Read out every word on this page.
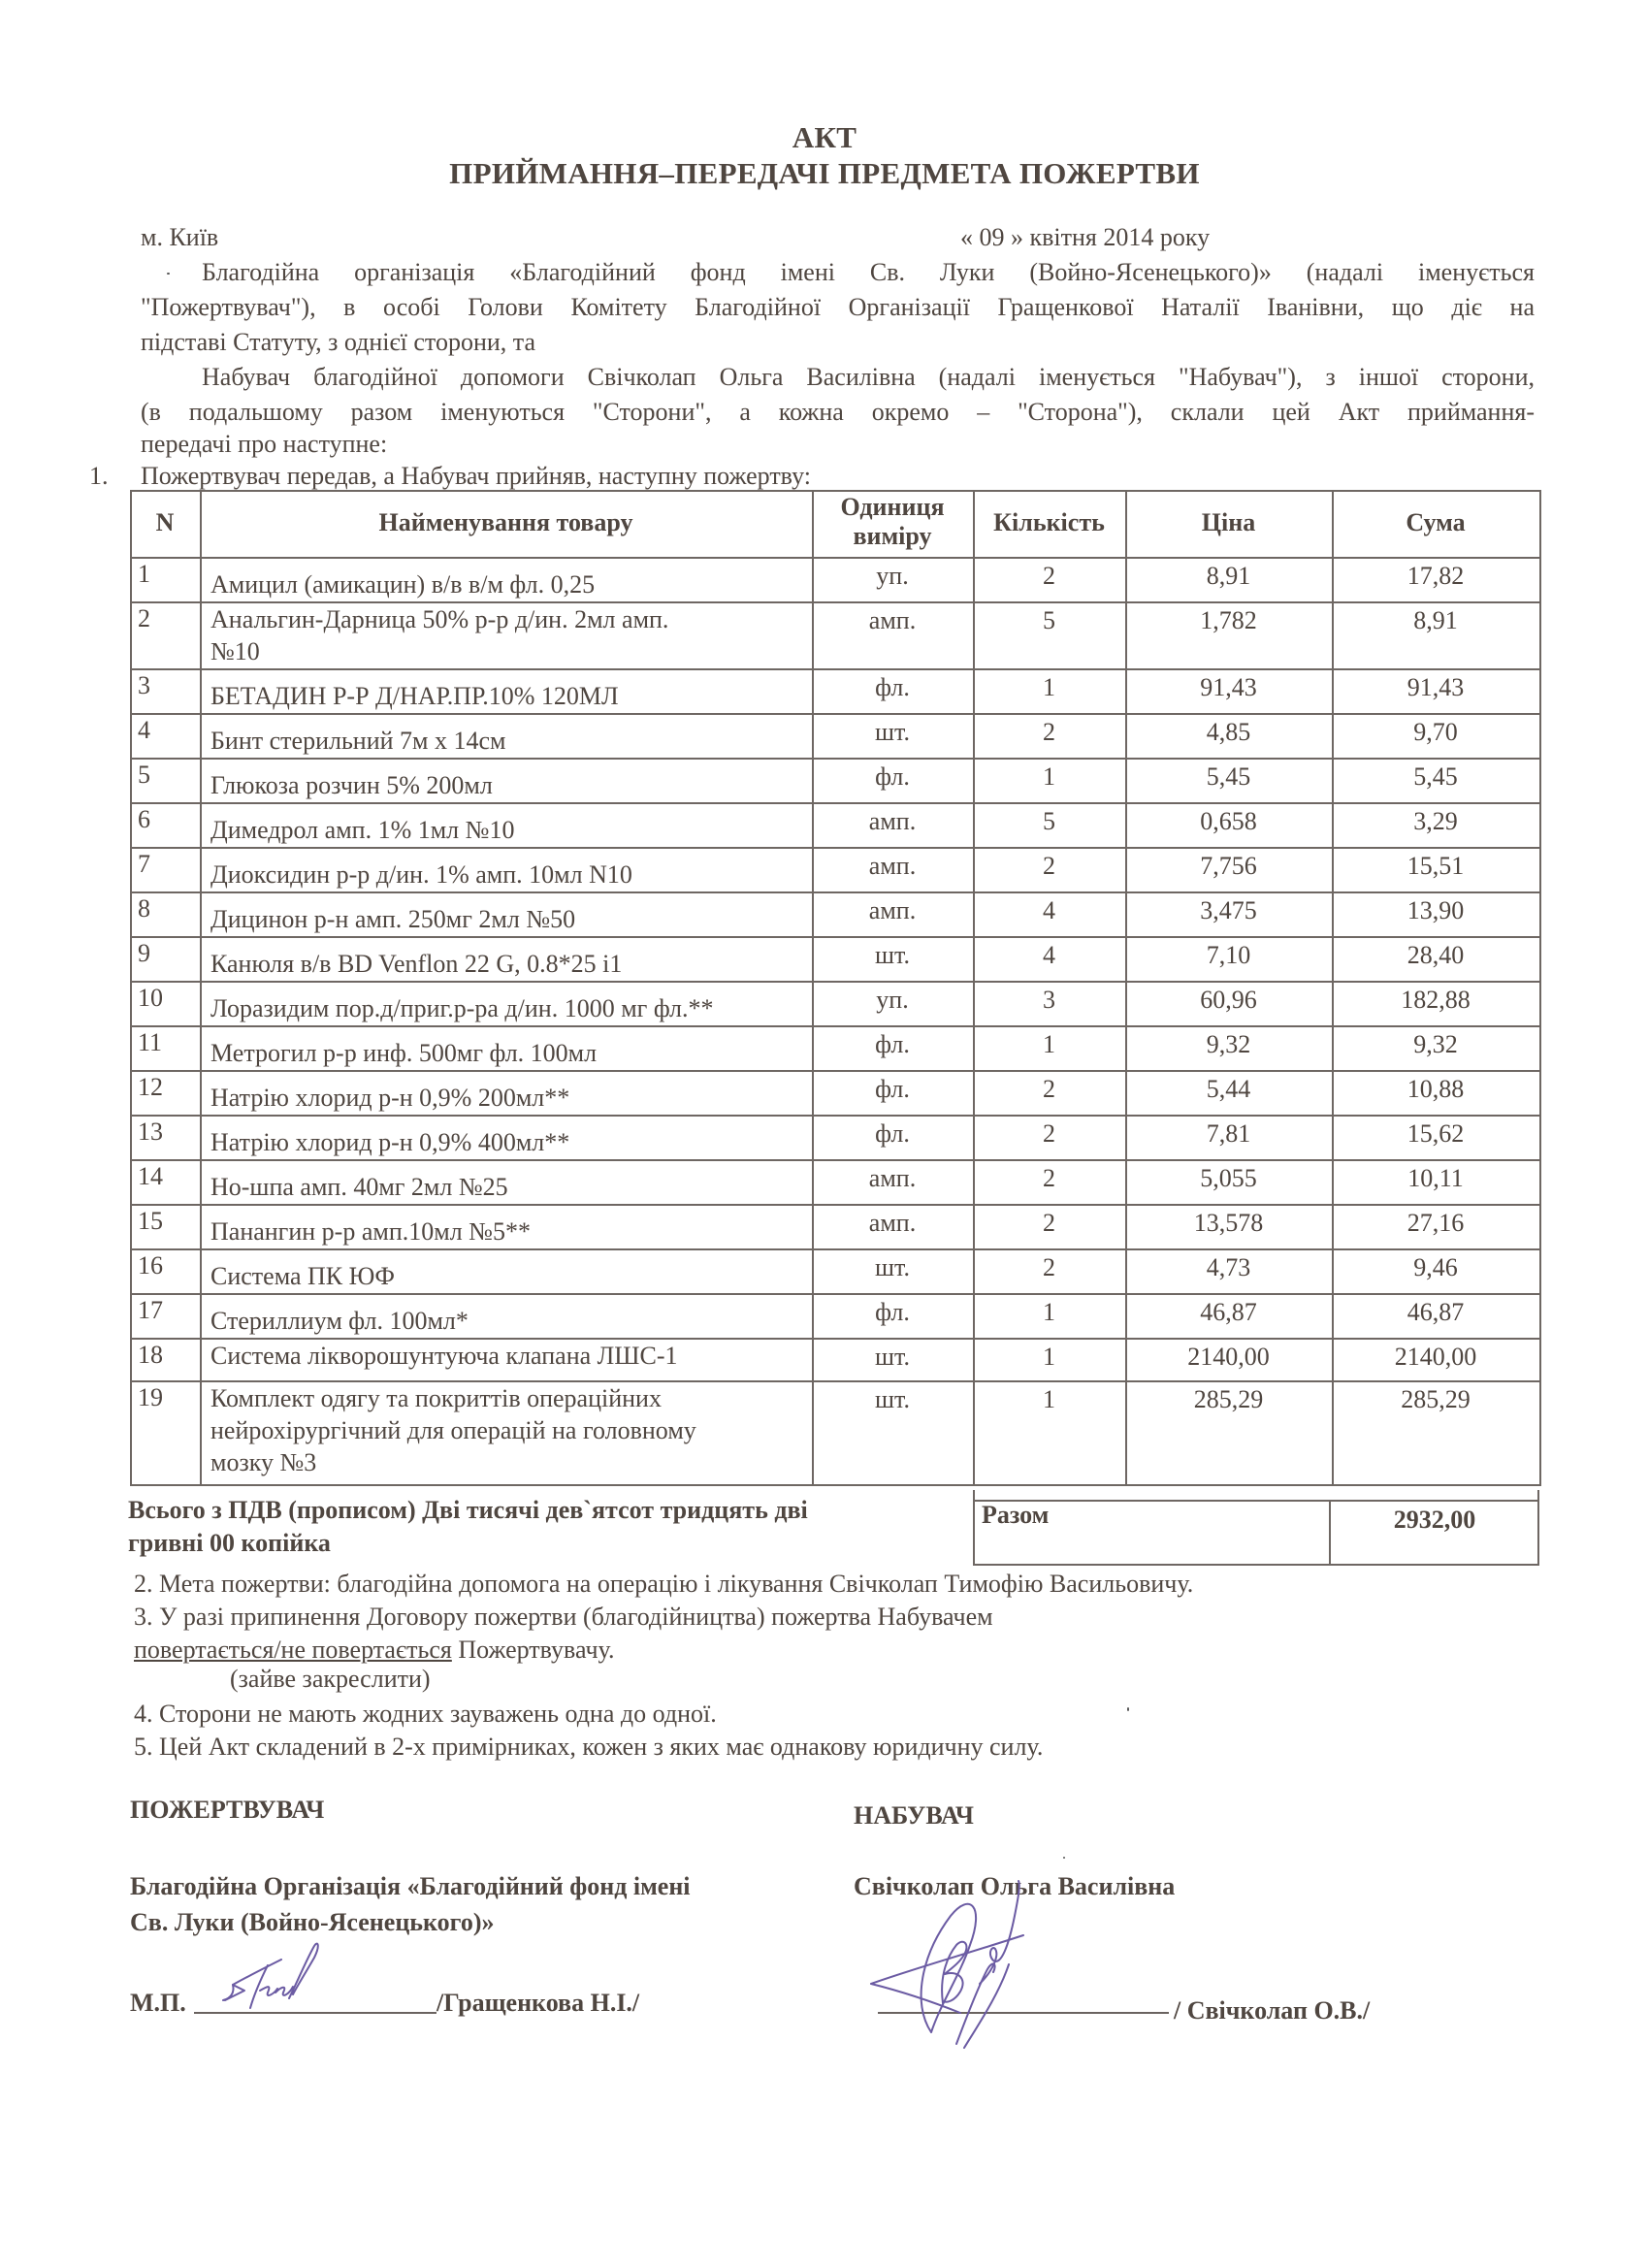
АКТ
ПРИЙМАННЯ–ПЕРЕДАЧІ ПРЕДМЕТА ПОЖЕРТВИ
м. Київ	« 09 » квітня 2014 року
Благодійна організація «Благодійний фонд імені Св. Луки (Войно-Ясенецького)» (надалі іменується
"Пожертвувач"), в особі Голови Комітету Благодійної Організації Гращенкової Наталії Іванівни, що діє на
підставі Статуту, з однієї сторони, та
Набувач благодійної допомоги Свічколап Ольга Василівна (надалі іменується "Набувач"), з іншої сторони,
(в подальшому разом іменуються "Сторони", а кожна окремо – "Сторона"), склали цей Акт приймання-
передачі про наступне:
1. Пожертвувач передав, а Набувач прийняв, наступну пожертву:
N	Найменування товару
Одиниця
виміру	Кількість	Ціна	Сума
1 Амицил (амикацин) в/в в/м фл. 0,25	уп.	2	8,91	17,82
2 Анальгин-Дарница 50% р-р д/ин. 2мл амп.
№10
амп.	5	1,782	8,91
3 БЕТАДИН Р-Р Д/НАР.ПР.10% 120МЛ	фл.	1	91,43	91,43
4 Бинт стерильний 7м х 14см	шт.	2	4,85	9,70
5 Глюкоза розчин 5% 200мл	фл.	1	5,45	5,45
6 Димедрол амп. 1% 1мл №10	амп.	5	0,658	3,29
7 Диоксидин р-р д/ин. 1% амп. 10мл N10	амп.	2	7,756	15,51
8 Дицинон р-н амп. 250мг 2мл №50	амп.	4	3,475	13,90
9 Канюля в/в BD Venflon 22 G, 0.8*25 i1	шт.	4	7,10	28,40
10 Лоразидим пор.д/приг.р-ра д/ин. 1000 мг фл.**	уп.	3	60,96	182,88
11 Метрогил р-р инф. 500мг фл. 100мл	фл.	1	9,32	9,32
12 Натрію хлорид р-н 0,9% 200мл**	фл.	2	5,44	10,88
13 Натрію хлорид р-н 0,9% 400мл**	фл.	2	7,81	15,62
14 Но-шпа амп. 40мг 2мл №25	амп.	2	5,055	10,11
15 Панангин р-р амп.10мл №5**	амп.	2	13,578	27,16
16 Система ПК ЮФ	шт.	2	4,73	9,46
17 Стериллиум фл. 100мл*	фл.	1	46,87	46,87
18 Система лікворошунтуюча клапана ЛШС-1	шт.	1	2140,00	2140,00
19 Комплект одягу та покриттів операційних
нейрохірургічний для операцій на головному
мозку №3
шт.	1	285,29	285,29
Всього з ПДВ (прописом) Дві тисячі дев`ятсот тридцять дві
гривні 00 копійка
Разом	2932,00
2. Мета пожертви: благодійна допомога на операцію і лікування Свічколап Тимофію Васильовичу.
3. У разі припинення Договору пожертви (благодійництва) пожертва Набувачем
повертається/не повертається Пожертвувачу.
(зайве закреслити)
4. Сторони не мають жодних зауважень одна до одної.
5. Цей Акт складений в 2-х примірниках, кожен з яких має однакову юридичну силу.
ПОЖЕРТВУВАЧ
Благодійна Організація «Благодійний фонд імені
Св. Луки (Войно-Ясенецького)»
М.П.	/Гращенкова Н.І./
НАБУВАЧ
Свічколап Ольга Василівна
/ Свічколап О.В./
